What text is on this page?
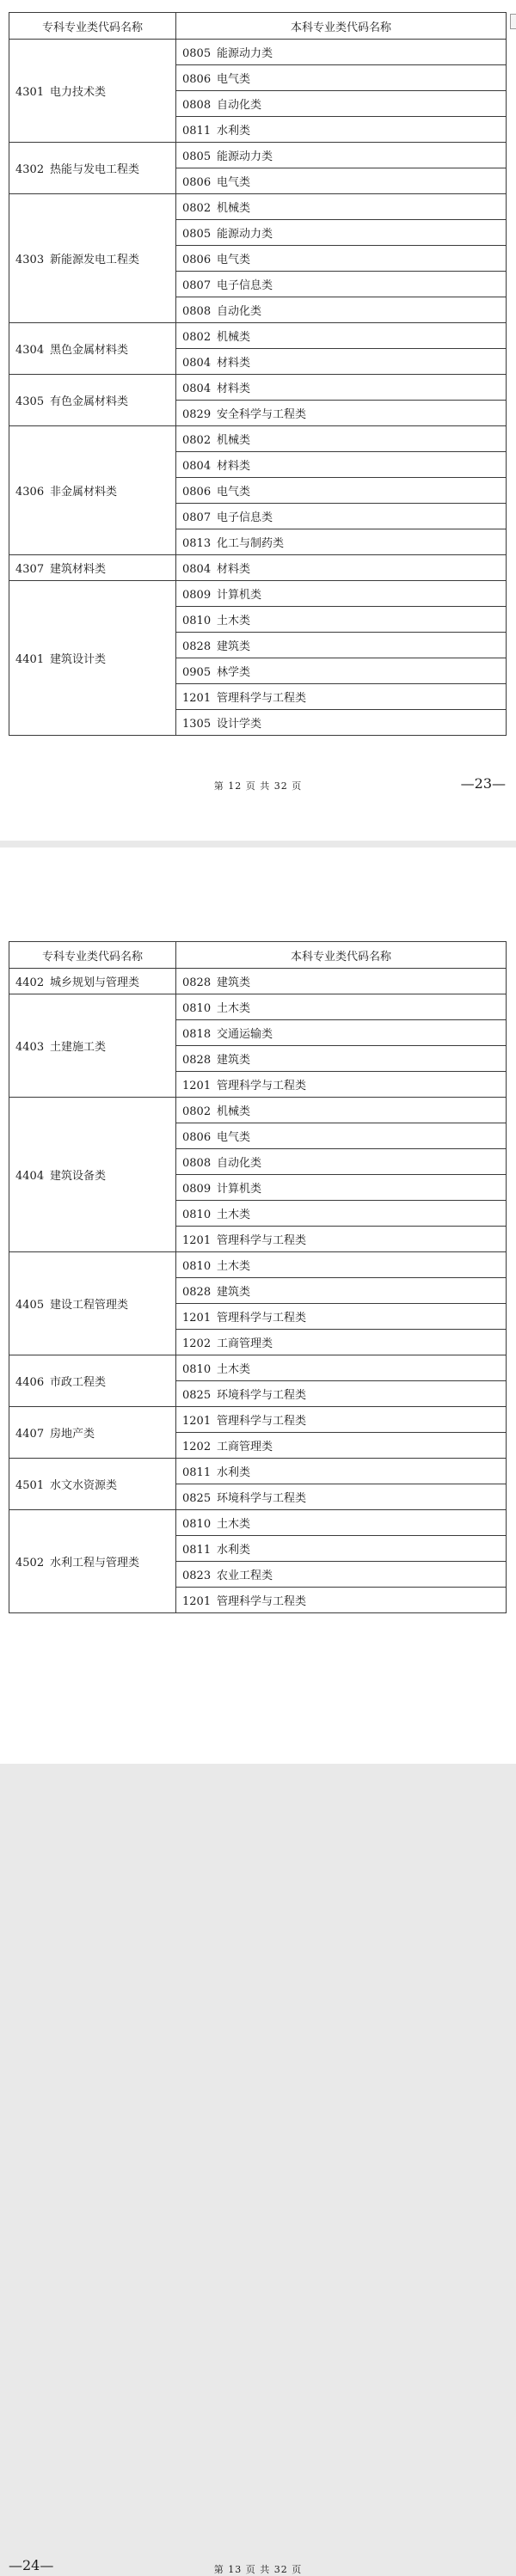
专科专业类代码名称	本科专业类代码名称
4301 电力技术类	0805 能源动力类
	0806 电气类
	0808 自动化类
	0811 水利类
4302 热能与发电工程类	0805 能源动力类
	0806 电气类
4303 新能源发电工程类	0802 机械类
	0805 能源动力类
	0806 电气类
	0807 电子信息类
	0808 自动化类
4304 黑色金属材料类	0802 机械类
	0804 材料类
4305 有色金属材料类	0804 材料类
	0829 安全科学与工程类
4306 非金属材料类	0802 机械类
	0804 材料类
	0806 电气类
	0807 电子信息类
	0813 化工与制药类
4307 建筑材料类	0804 材料类
4401 建筑设计类	0809 计算机类
	0810 土木类
	0828 建筑类
	0905 林学类
	1201 管理科学与工程类
	1305 设计学类
第 12 页 共 32 页	—23—
专科专业类代码名称	本科专业类代码名称
4402 城乡规划与管理类	0828 建筑类
4403 土建施工类	0810 土木类
	0818 交通运输类
	0828 建筑类
	1201 管理科学与工程类
4404 建筑设备类	0802 机械类
	0806 电气类
	0808 自动化类
	0809 计算机类
	0810 土木类
	1201 管理科学与工程类
4405 建设工程管理类	0810 土木类
	0828 建筑类
	1201 管理科学与工程类
	1202 工商管理类
4406 市政工程类	0810 土木类
	0825 环境科学与工程类
4407 房地产类	1201 管理科学与工程类
	1202 工商管理类
4501 水文水资源类	0811 水利类
	0825 环境科学与工程类
4502 水利工程与管理类	0810 土木类
	0811 水利类
	0823 农业工程类
	1201 管理科学与工程类
—24—	第 13 页 共 32 页
